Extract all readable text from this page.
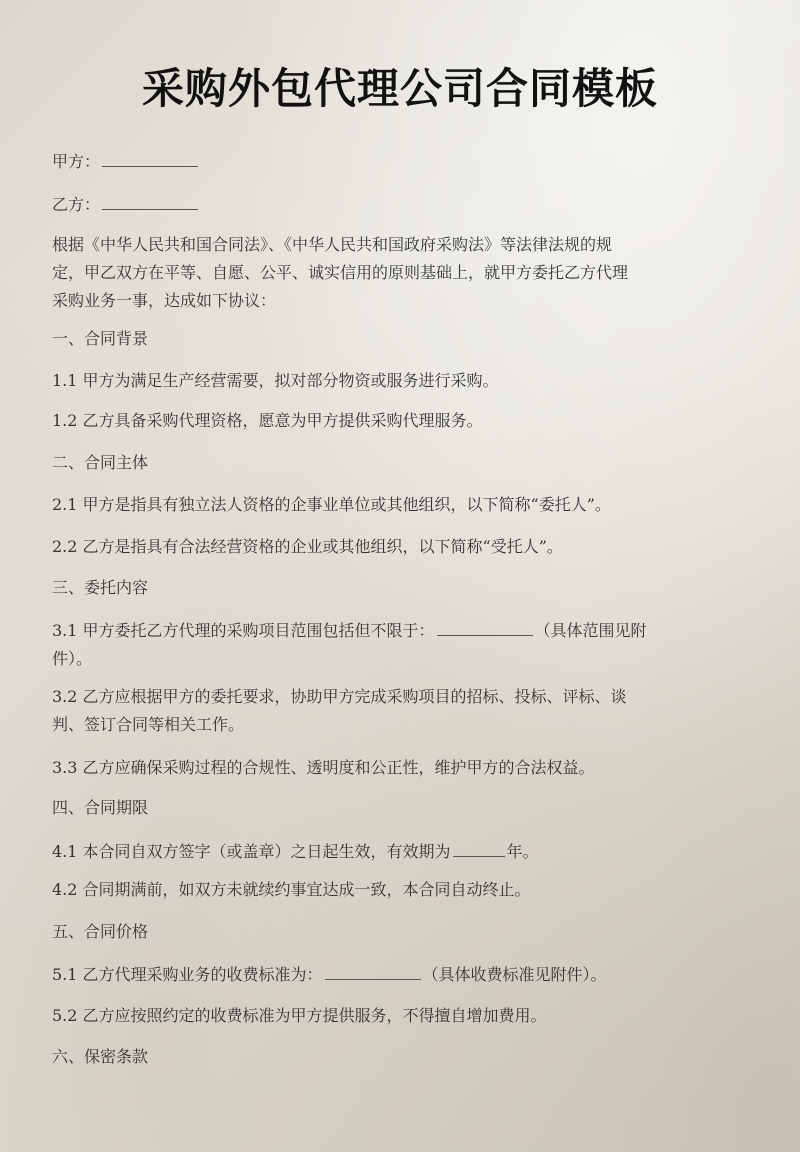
采购外包代理公司合同模板
甲方：
乙方：
根据《中华人民共和国合同法》、《中华人民共和国政府采购法》等法律法规的规
定，甲乙双方在平等、自愿、公平、诚实信用的原则基础上，就甲方委托乙方代理
采购业务一事，达成如下协议：
一、合同背景
1.1 甲方为满足生产经营需要，拟对部分物资或服务进行采购。
1.2 乙方具备采购代理资格，愿意为甲方提供采购代理服务。
二、合同主体
2.1 甲方是指具有独立法人资格的企事业单位或其他组织，以下简称“委托人”。
2.2 乙方是指具有合法经营资格的企业或其他组织，以下简称“受托人”。
三、委托内容
3.1 甲方委托乙方代理的采购项目范围包括但不限于：	（具体范围见附
件）。
3.2 乙方应根据甲方的委托要求，协助甲方完成采购项目的招标、投标、评标、谈
判、签订合同等相关工作。
3.3 乙方应确保采购过程的合规性、透明度和公正性，维护甲方的合法权益。
四、合同期限
4.1 本合同自双方签字（或盖章）之日起生效，有效期为	年。
4.2 合同期满前，如双方未就续约事宜达成一致，本合同自动终止。
五、合同价格
5.1 乙方代理采购业务的收费标准为：	（具体收费标准见附件）。
5.2 乙方应按照约定的收费标准为甲方提供服务，不得擅自增加费用。
六、保密条款
